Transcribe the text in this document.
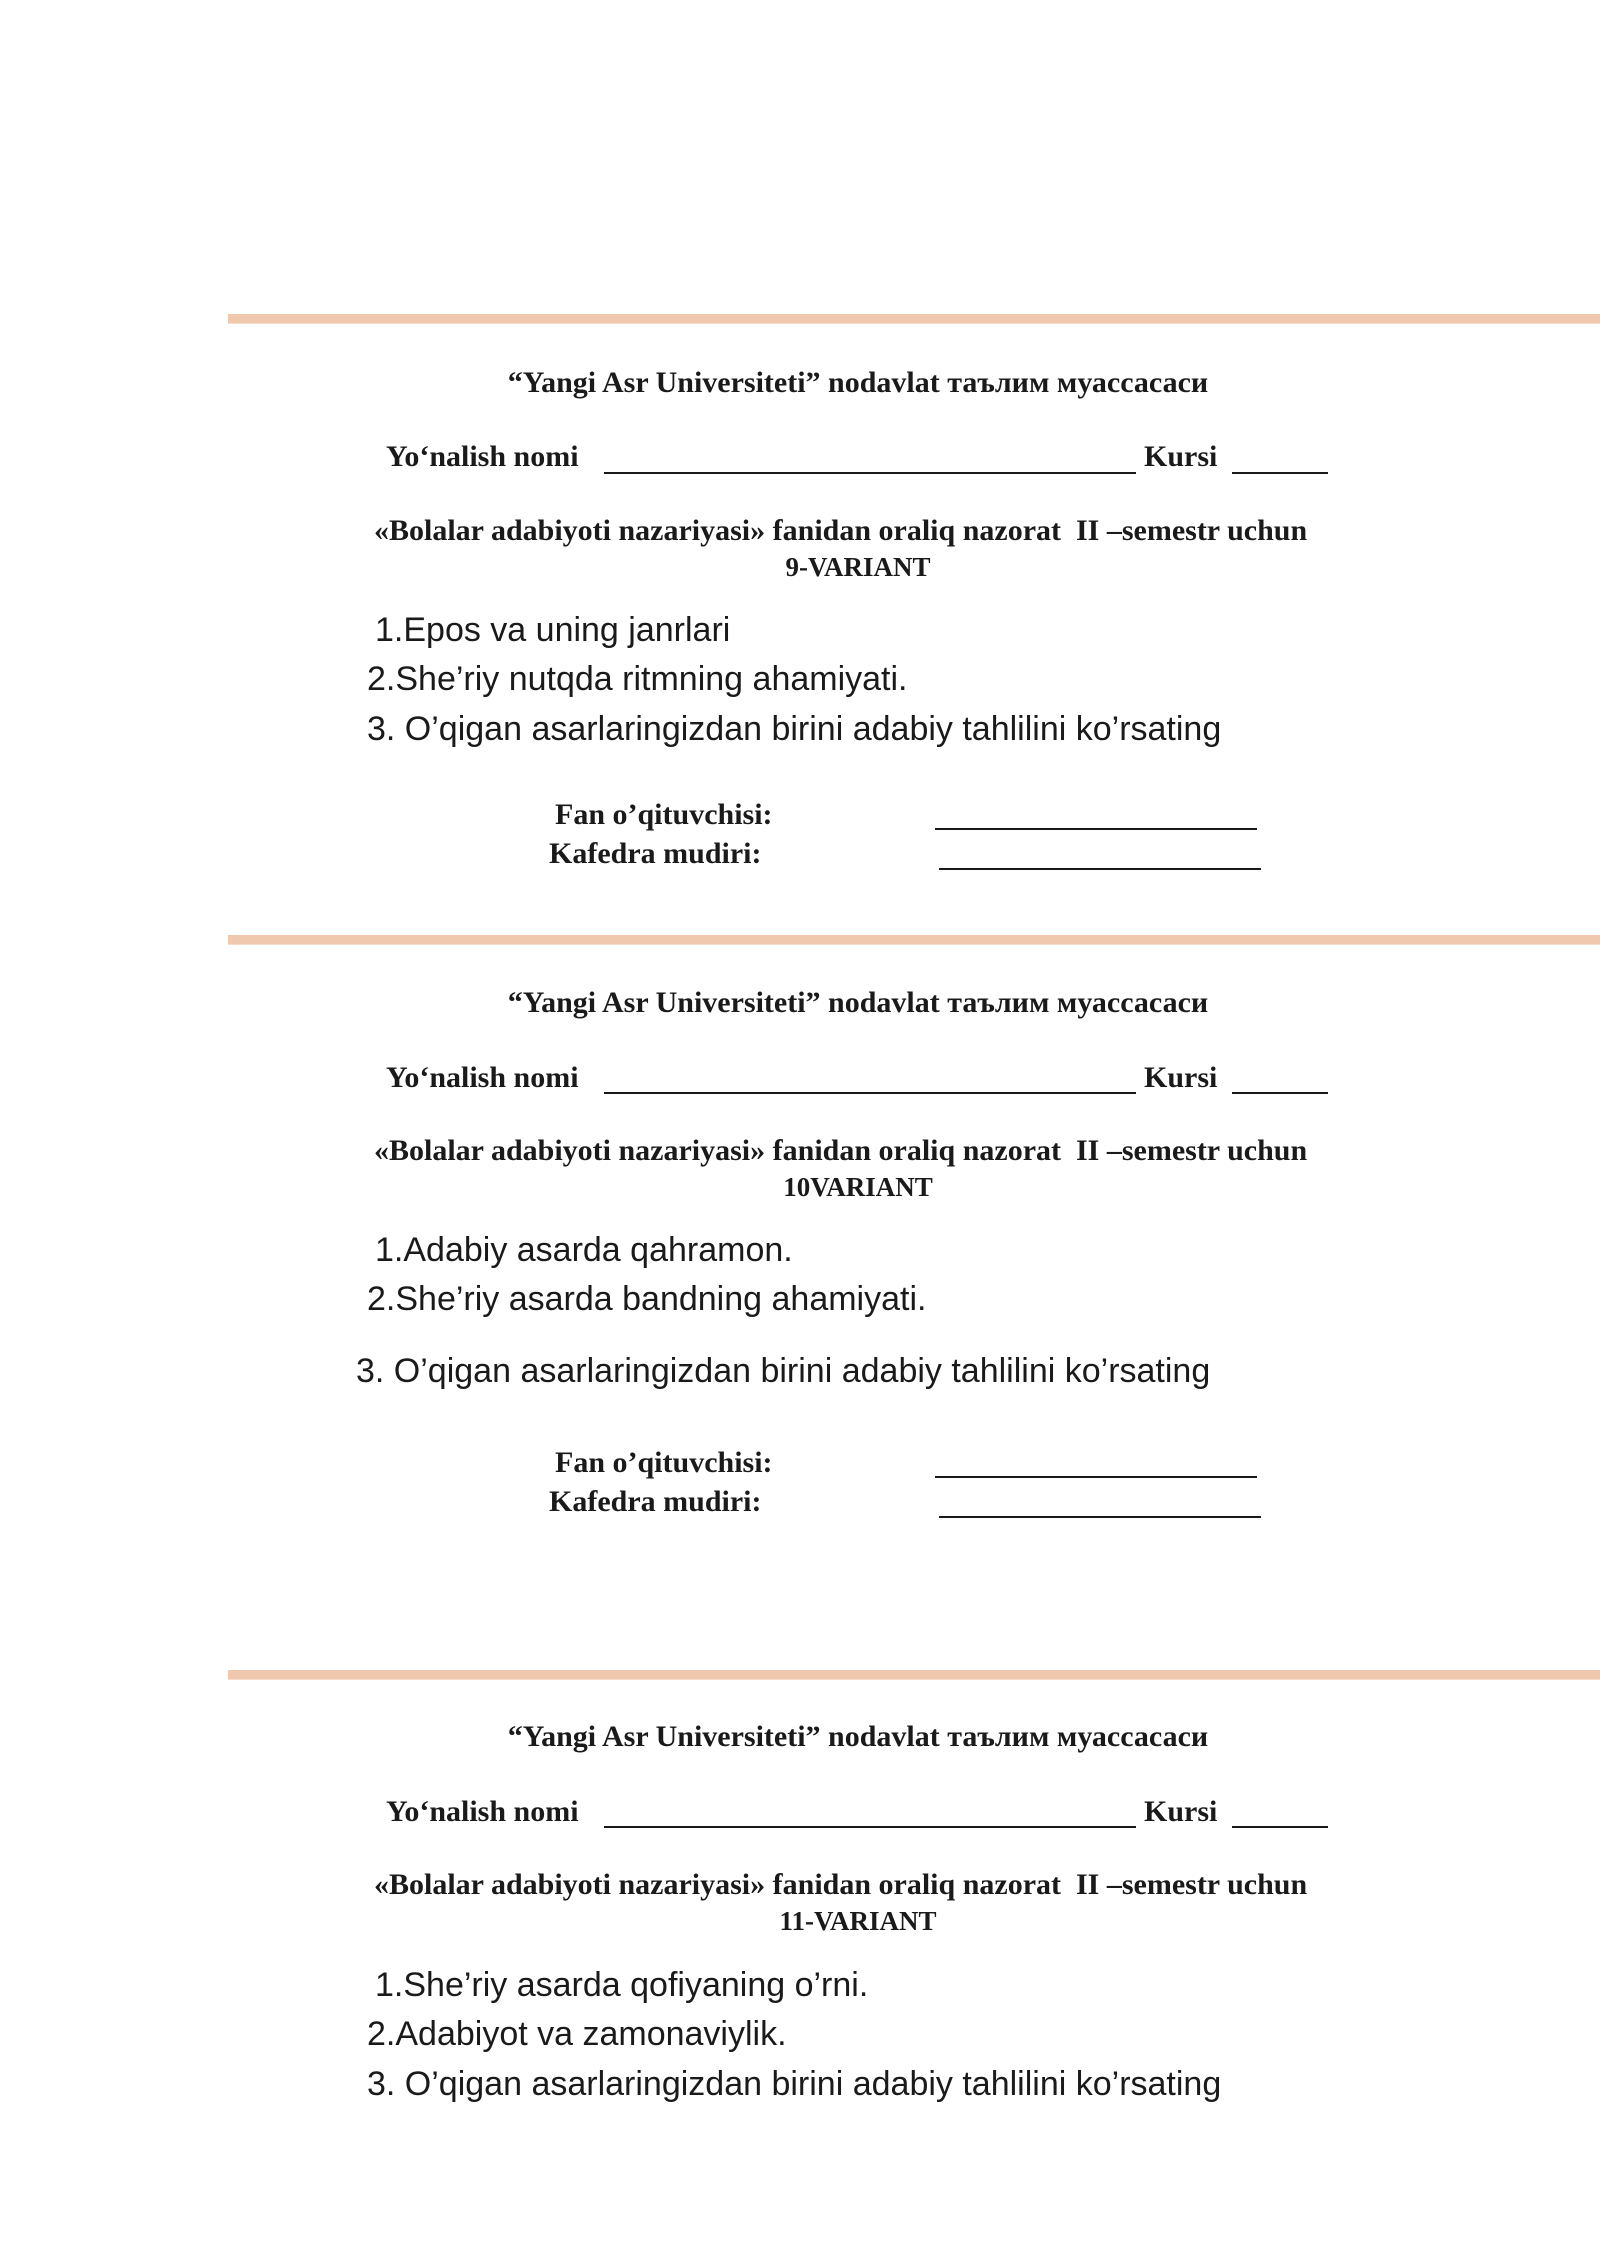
“Yangi Asr Universiteti” nodavlat таълим муассасаси
Yo‘nalish nomi	Kursi
«Bolalar adabiyoti nazariyasi» fanidan oraliq nazorat  II –semestr uchun
9-VARIANT
1.Epos va uning janrlari
2.She’riy nutqda ritmning ahamiyati.
3. O’qigan asarlaringizdan birini adabiy tahlilini ko’rsating
Fan o’qituvchisi:
Kafedra mudiri:
“Yangi Asr Universiteti” nodavlat таълим муассасаси
Yo‘nalish nomi	Kursi
«Bolalar adabiyoti nazariyasi» fanidan oraliq nazorat  II –semestr uchun
10VARIANT
1.Adabiy asarda qahramon.
2.She’riy asarda bandning ahamiyati.
3. O’qigan asarlaringizdan birini adabiy tahlilini ko’rsating
Fan o’qituvchisi:
Kafedra mudiri:
“Yangi Asr Universiteti” nodavlat таълим муассасаси
Yo‘nalish nomi	Kursi
«Bolalar adabiyoti nazariyasi» fanidan oraliq nazorat  II –semestr uchun
11-VARIANT
1.She’riy asarda qofiyaning o’rni.
2.Adabiyot va zamonaviylik.
3. O’qigan asarlaringizdan birini adabiy tahlilini ko’rsating
